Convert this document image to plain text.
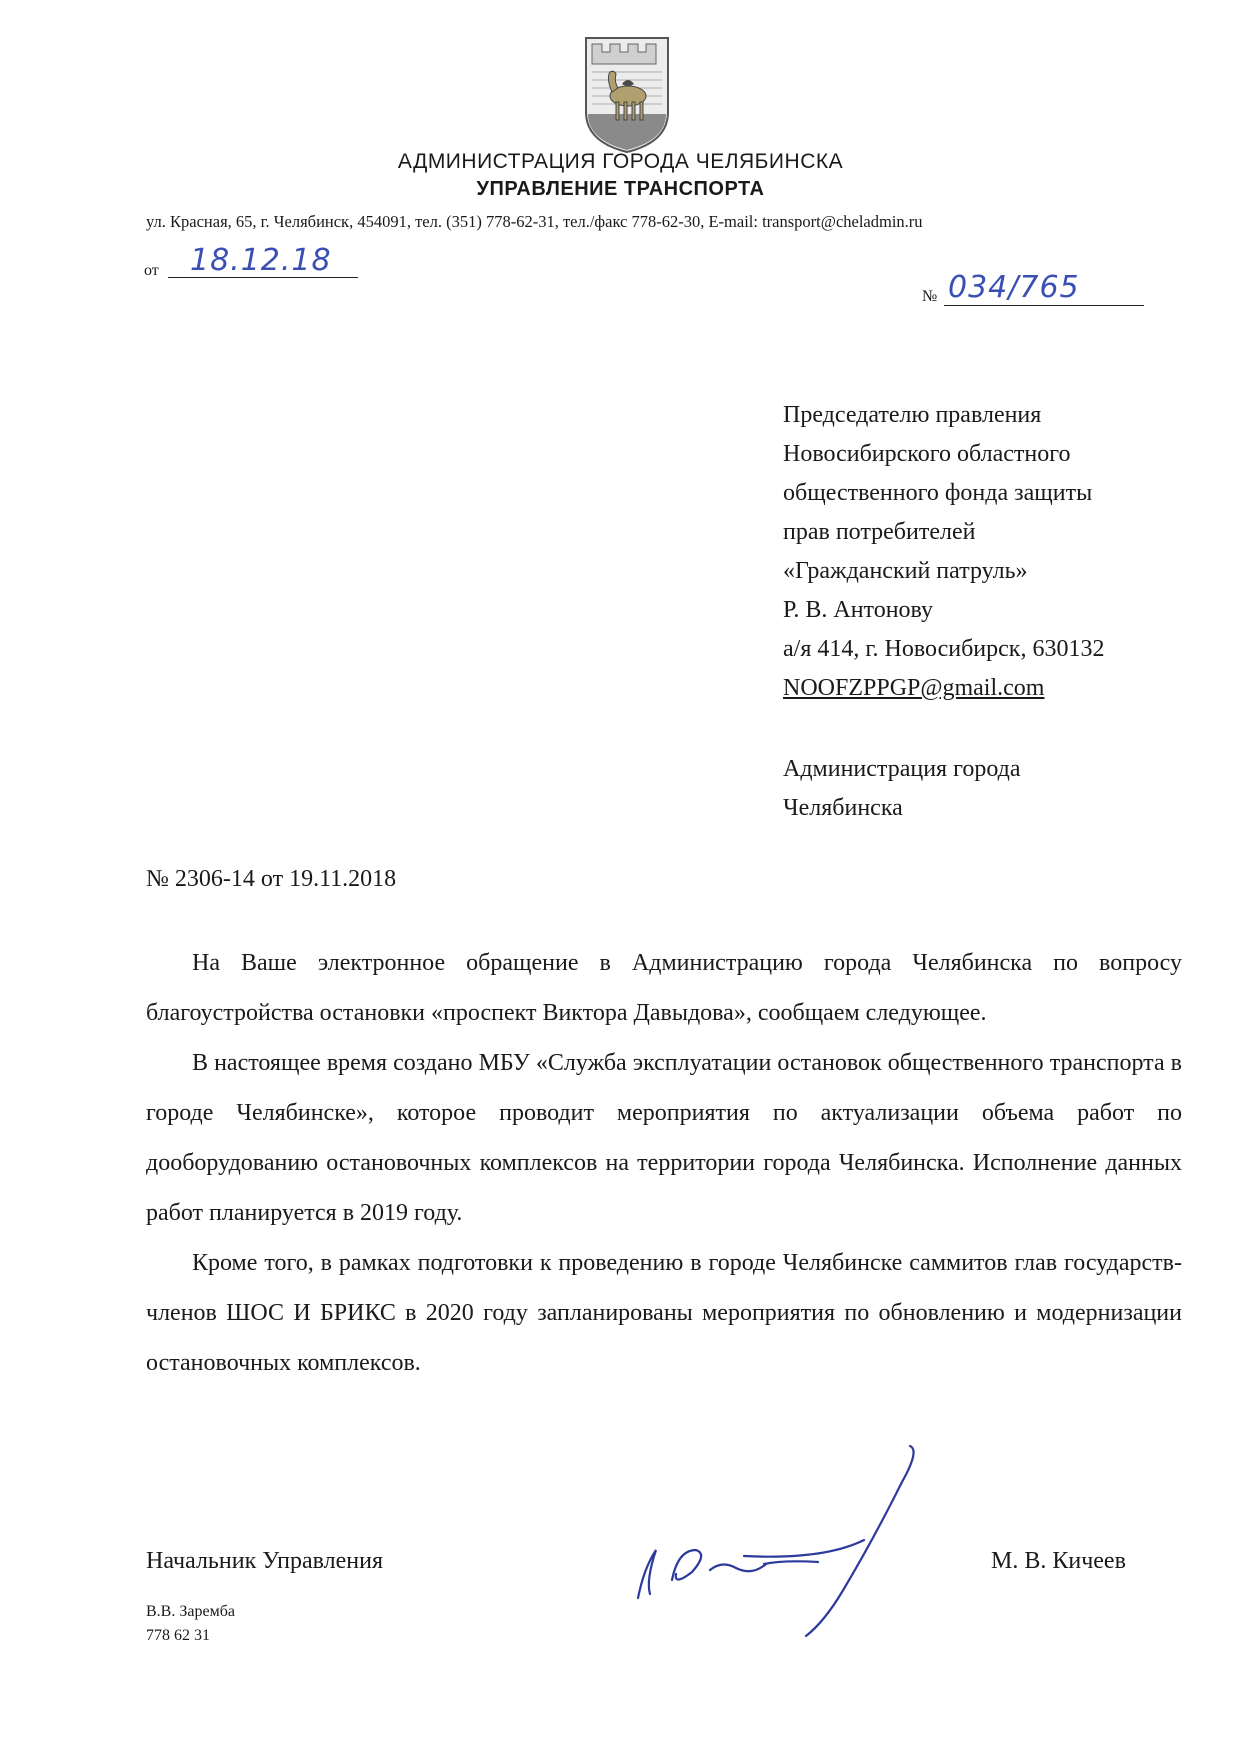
АДМИНИСТРАЦИЯ ГОРОДА ЧЕЛЯБИНСКА
УПРАВЛЕНИЕ ТРАНСПОРТА
ул. Красная, 65, г. Челябинск, 454091, тел. (351) 778-62-31, тел./факс 778-62-30, E-mail: transport@cheladmin.ru
от	18.12.18
№ 034/765
Председателю правления
Новосибирского областного
общественного фонда защиты
прав потребителей
«Гражданский патруль»
Р. В. Антонову
а/я 414, г. Новосибирск, 630132
NOOFZPPGP@gmail.com
Администрация города
Челябинска
№ 2306-14 от 19.11.2018

На Ваше электронное обращение в Администрацию города Челябинска по вопросу благоустройства остановки «проспект Виктора Давыдова», сообщаем следующее.

В настоящее время создано МБУ «Служба эксплуатации остановок общественного транспорта в городе Челябинске», которое проводит мероприятия по актуализации объема работ по дооборудованию остановочных комплексов на территории города Челябинска. Исполнение данных работ планируется в 2019 году.

Кроме того, в рамках подготовки к проведению в городе Челябинске саммитов глав государств-членов ШОС И БРИКС в 2020 году запланированы мероприятия по обновлению и модернизации остановочных комплексов.

Начальник Управления	М. В. Кичеев
В.В. Заремба
778 62 31
